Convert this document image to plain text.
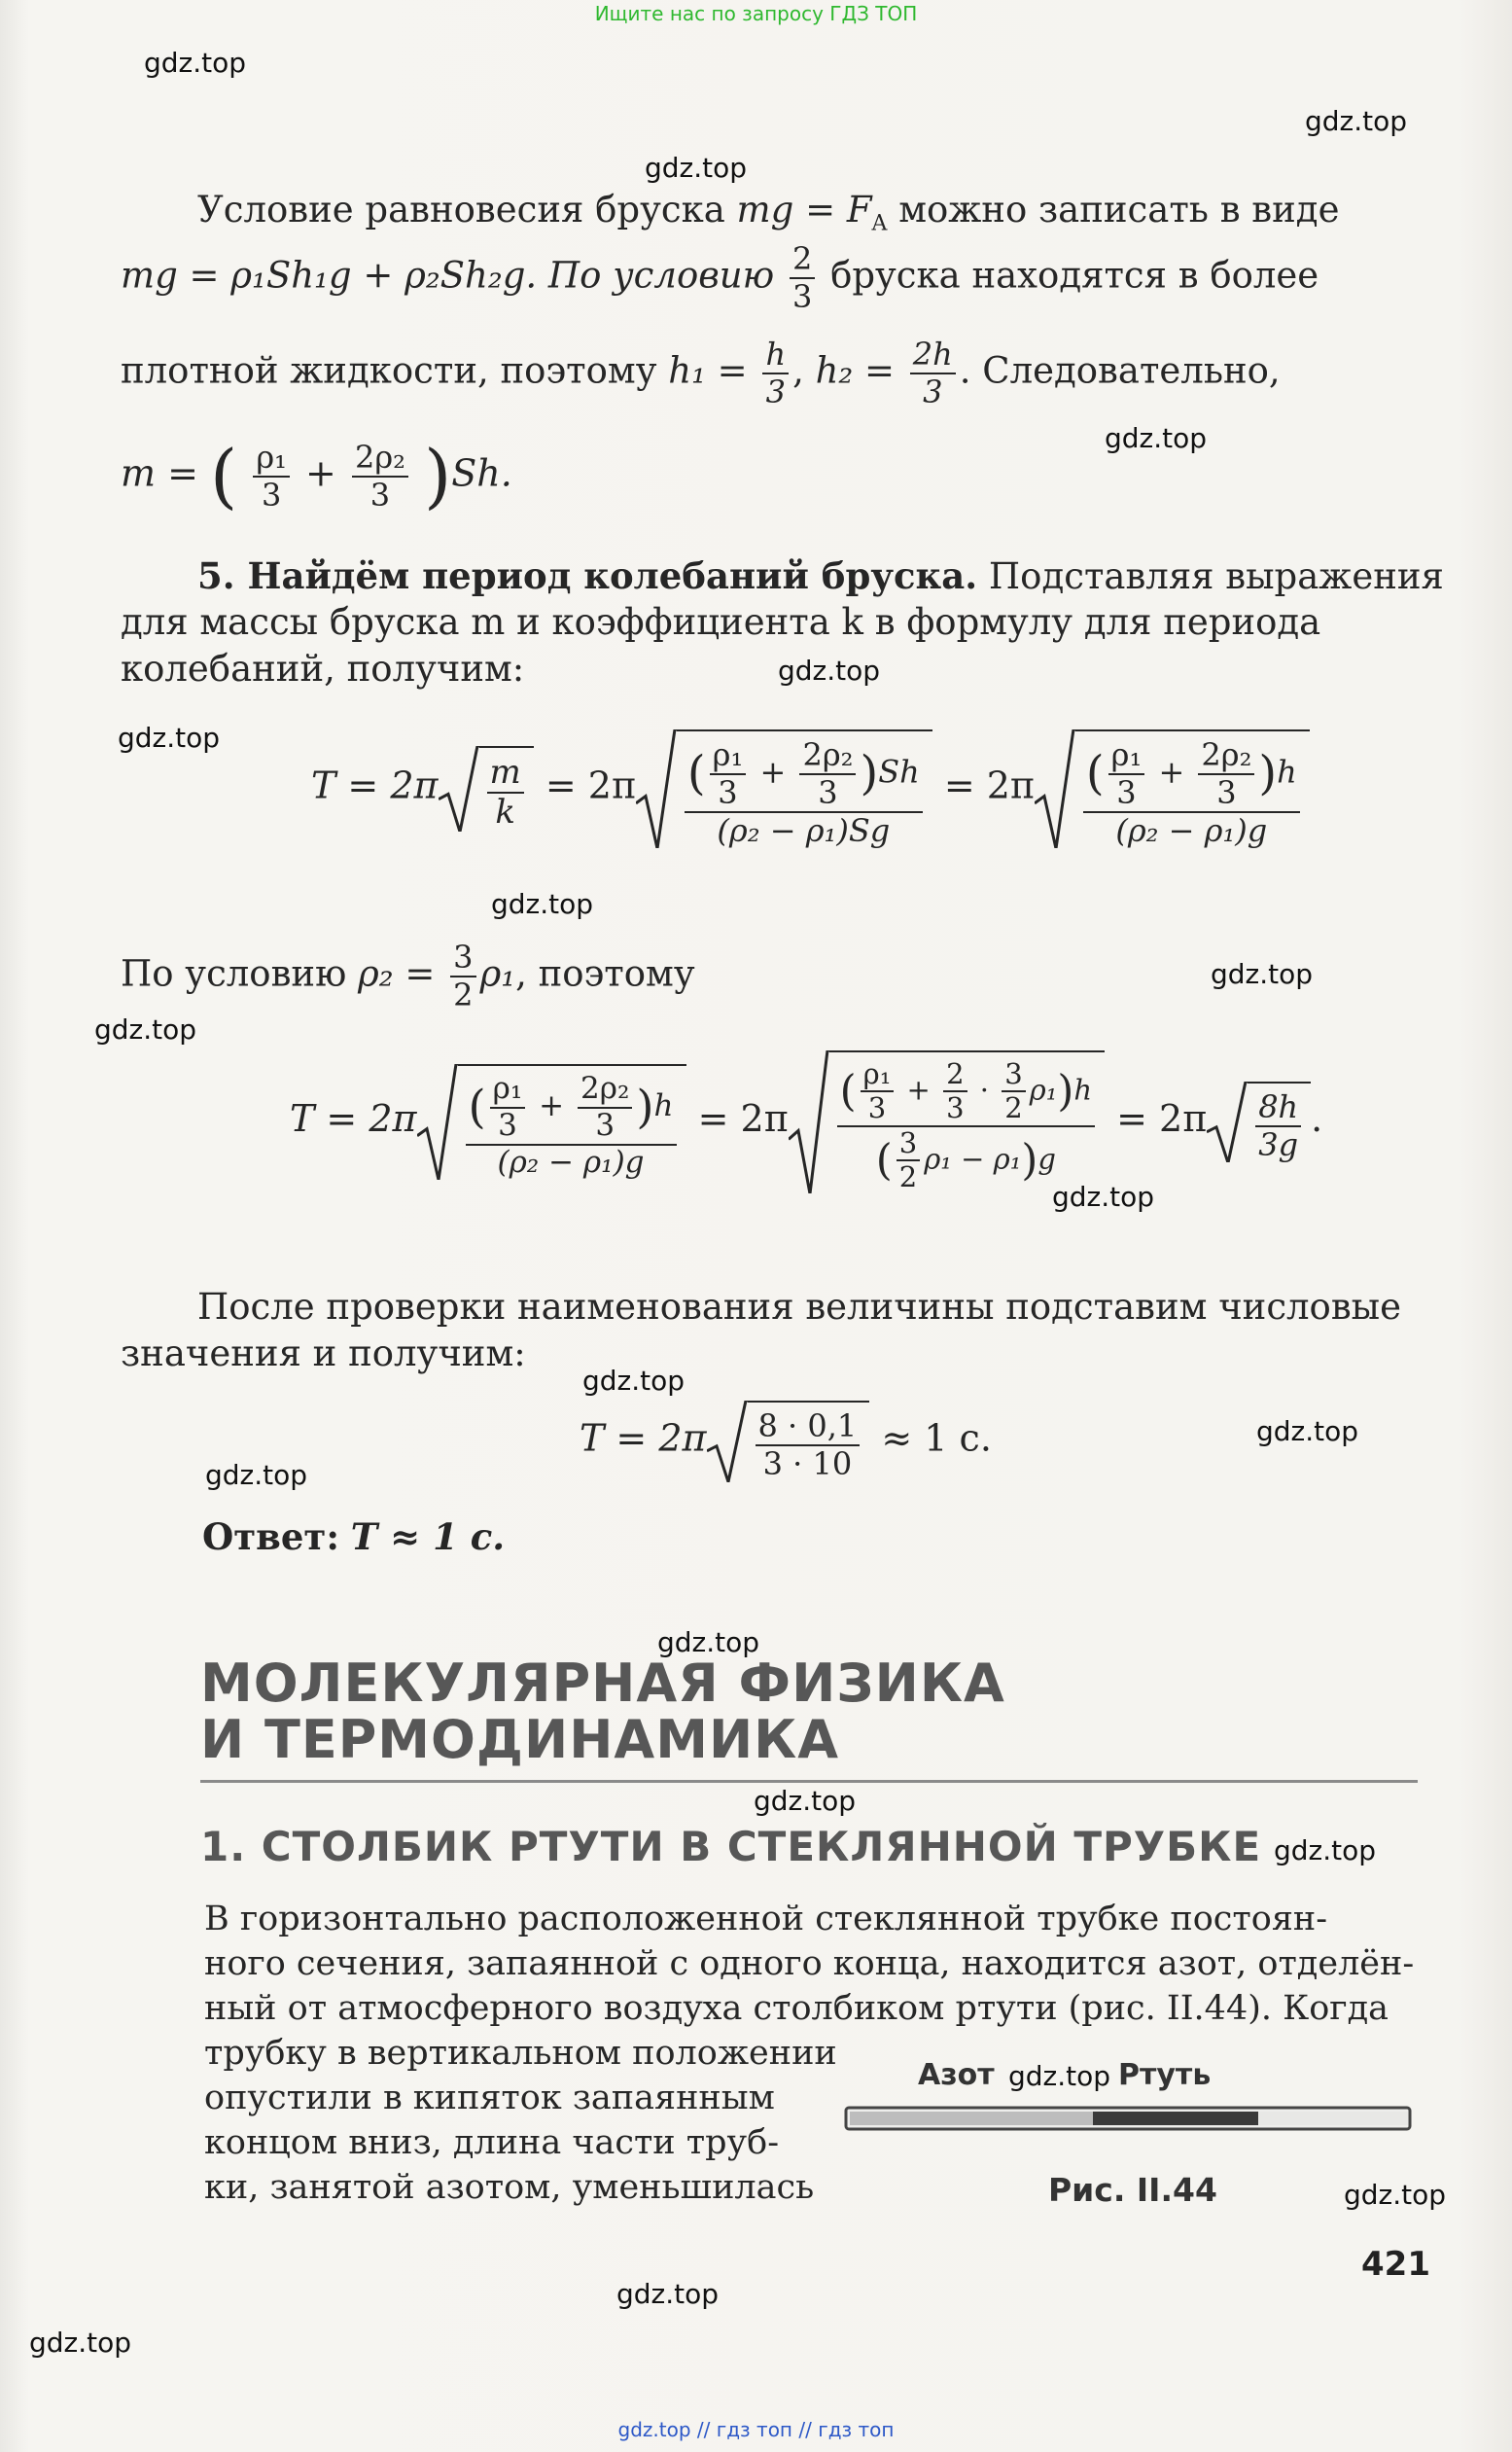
Ищите нас по запросу ГДЗ ТОП
gdz.top
gdz.top
gdz.top
gdz.top
gdz.top
gdz.top
gdz.top
gdz.top
gdz.top
gdz.top
gdz.top
gdz.top
gdz.top
gdz.top
gdz.top
gdz.top
gdz.top
gdz.top
gdz.top
gdz.top
Условие равновесия бруска mg = $F_A$ можно записать в виде
mg = ρ₁Sh₁g + ρ₂Sh₂g. По условию $\frac{2}{3}$ бруска находятся в более
плотной жидкости, поэтому $h_1 = \frac{h}{3}$ , $h_2 = \frac{2h}{3}$ . Следовательно,
m = ( $\frac{\text{ρ₁}}{3} + \frac{\text{2ρ₂}}{3} )Sh$.
5. Найдём период колебаний бруска. Подставляя выражения
для массы бруска m и коэффициента k в формулу для периода
колебаний, получим:
$T = 2\pi \frac{m}{k} = 2\pi \frac{( \frac{\text{ρ₁}}{3} + \frac{\text{2ρ₂}}{3} )Sh}{\text{(ρ₂ − ρ₁)Sg}} = 2\pi \frac{( \frac{\text{ρ₁}}{3} + \frac{\text{2ρ₂}}{3} )h}{\text{(ρ₂ − ρ₁)g}}$
По условию $\rho_2 = \frac{3}{2} \rho_1$, поэтому
$T = 2\pi \frac{( \frac{\text{ρ₁}}{3} + \frac{\text{2ρ₂}}{3} )h}{\text{(ρ₂ − ρ₁)g}} = 2\pi \frac{( \frac{\text{ρ₁}}{3} + \frac{2}{3} \cdot \frac{3}{2} \rho_1)h}{( \frac{3}{2} \rho_1 - \rho_1)g} = 2\pi \frac{8h}{3g}$ .
После проверки наименования величины подставим числовые
значения и получим:
$T = 2\pi \frac{8 \cdot 0,1}{3 \cdot 10} \approx 1$ с.
Ответ: T ≈ 1 с.
МОЛЕКУЛЯРНАЯ ФИЗИКА
И ТЕРМОДИНАМИКА
1. СТОЛБИК РТУТИ В СТЕКЛЯННОЙ ТРУБКЕ
В горизонтально расположенной стеклянной трубке постоян-
ного сечения, запаянной с одного конца, находится азот, отделён-
ный от атмосферного воздуха столбиком ртути (рис. II.44). Когда
трубку в вертикальном положении
опустили в кипяток запаянным
концом вниз, длина части труб-
ки, занятой азотом, уменьшилась
Азот	Ртуть
Рис. II.44
421
gdz.top // гдз топ // гдз топ
